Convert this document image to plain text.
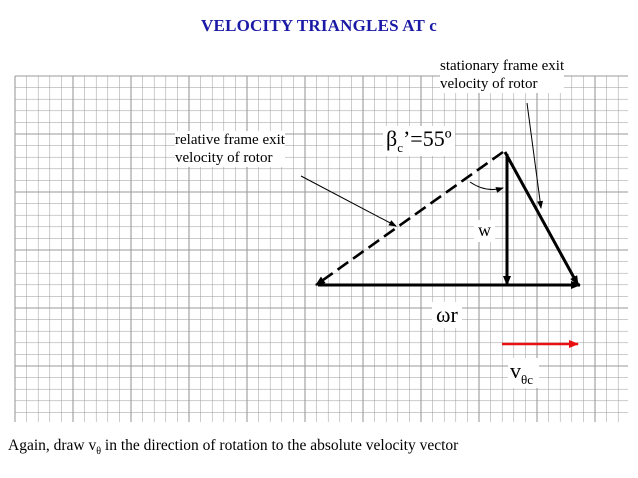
VELOCITY TRIANGLES AT c
stationary frame exit
velocity of rotor
relative frame exit
velocity of rotor
$\beta_c’=55º$
w
ωr
$v_{\theta c}$
Again, draw $v_\theta$ in the direction of rotation to the absolute velocity vector
